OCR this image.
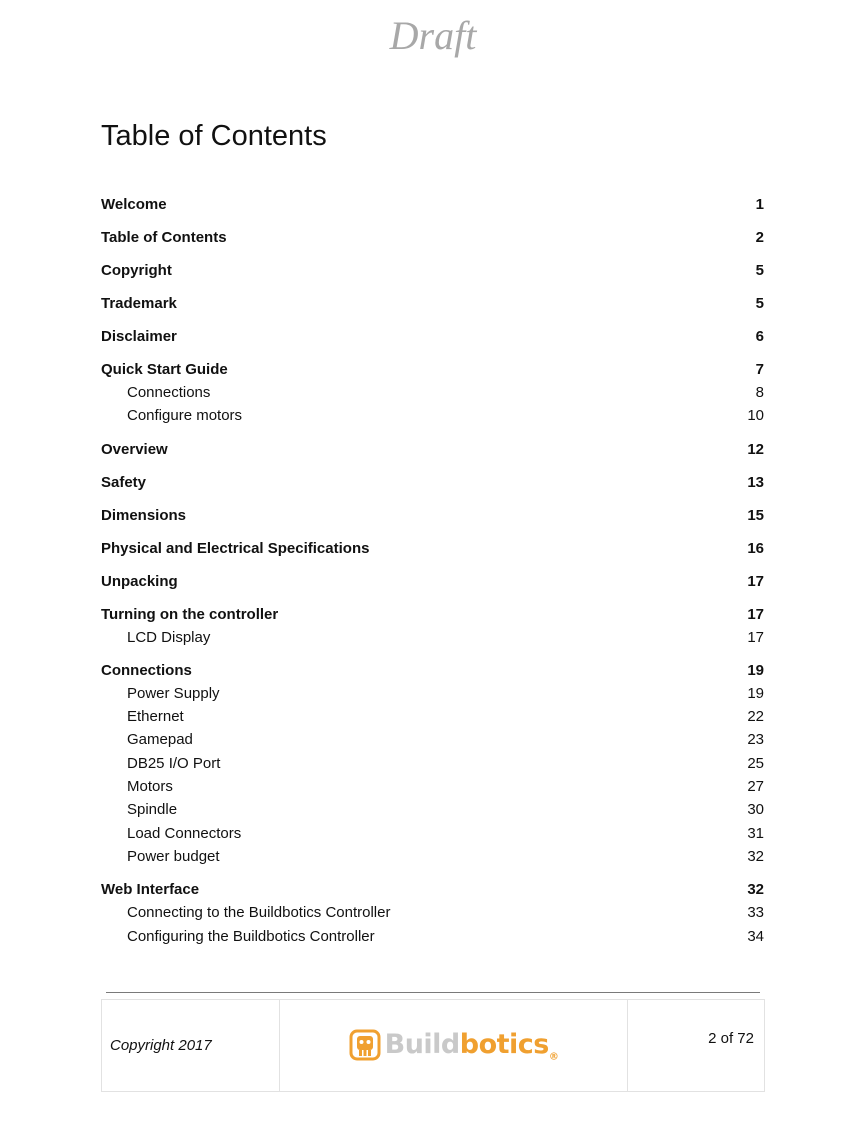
Draft
Table of Contents
Welcome	1
Table of Contents	2
Copyright	5
Trademark	5
Disclaimer	6
Quick Start Guide	7
Connections	8
Configure motors	10
Overview	12
Safety	13
Dimensions	15
Physical and Electrical Specifications	16
Unpacking	17
Turning on the controller	17
LCD Display	17
Connections	19
Power Supply	19
Ethernet	22
Gamepad	23
DB25 I/O Port	25
Motors	27
Spindle	30
Load Connectors	31
Power budget	32
Web Interface	32
Connecting to the Buildbotics Controller	33
Configuring the Buildbotics Controller	34
Copyright 2017	Buildbotics$_®$
2 of 72
